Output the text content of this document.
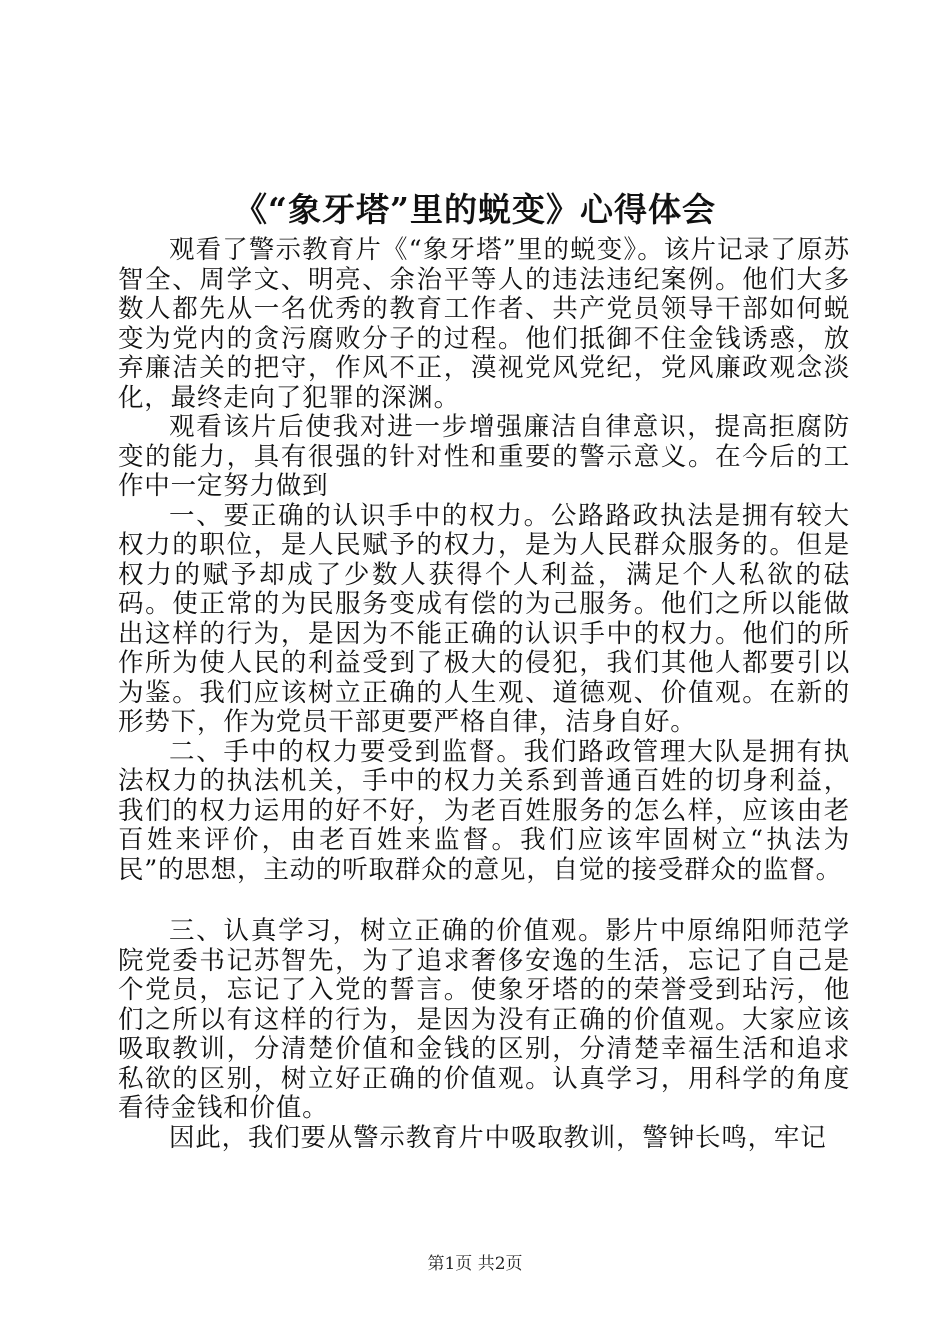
《“象牙塔”里的蜕变》心得体会

观看了警示教育片《“象牙塔”里的蜕变》。该片记录了原苏智全、周学文、明亮、余治平等人的违法违纪案例。他们大多数人都先从一名优秀的教育工作者、共产党员领导干部如何蜕变为党内的贪污腐败分子的过程。他们抵御不住金钱诱惑，放弃廉洁关的把守，作风不正，漠视党风党纪，党风廉政观念淡化，最终走向了犯罪的深渊。

观看该片后使我对进一步增强廉洁自律意识，提高拒腐防变的能力，具有很强的针对性和重要的警示意义。在今后的工作中一定努力做到

一、要正确的认识手中的权力。公路路政执法是拥有较大权力的职位，是人民赋予的权力，是为人民群众服务的。但是权力的赋予却成了少数人获得个人利益，满足个人私欲的砝码。使正常的为民服务变成有偿的为己服务。他们之所以能做出这样的行为，是因为不能正确的认识手中的权力。他们的所作所为使人民的利益受到了极大的侵犯，我们其他人都要引以为鉴。我们应该树立正确的人生观、道德观、价值观。在新的形势下，作为党员干部更要严格自律，洁身自好。

二、手中的权力要受到监督。我们路政管理大队是拥有执法权力的执法机关，手中的权力关系到普通百姓的切身利益，我们的权力运用的好不好，为老百姓服务的怎么样，应该由老百姓来评价，由老百姓来监督。我们应该牢固树立“执法为民”的思想，主动的听取群众的意见，自觉的接受群众的监督。

三、认真学习，树立正确的价值观。影片中原绵阳师范学院党委书记苏智先，为了追求奢侈安逸的生活，忘记了自己是个党员，忘记了入党的誓言。使象牙塔的的荣誉受到玷污，他们之所以有这样的行为，是因为没有正确的价值观。大家应该吸取教训，分清楚价值和金钱的区别，分清楚幸福生活和追求私欲的区别，树立好正确的价值观。认真学习，用科学的角度看待金钱和价值。

因此，我们要从警示教育片中吸取教训，警钟长鸣，牢记

第1页 共2页
